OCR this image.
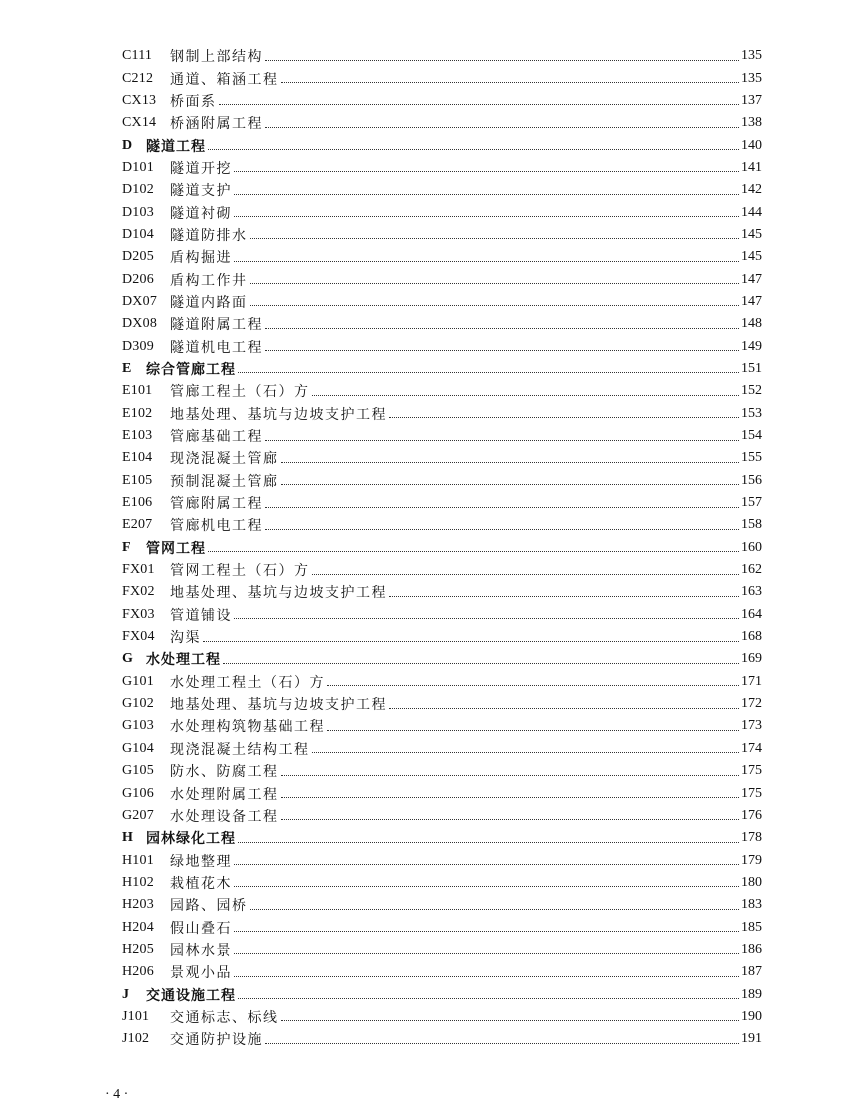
C111	钢制上部结构	135
C212	通道、箱涵工程	135
CX13 桥面系	137
CX14 桥涵附属工程	138
D 隧道工程	140
D101	隧道开挖	141
D102	隧道支护	142
D103	隧道衬砌	144
D104	隧道防排水	145
D205	盾构掘进	145
D206	盾构工作井	147
DX07 隧道内路面	147
DX08 隧道附属工程	148
D309	隧道机电工程	149
E	综合管廊工程	151
E101	管廊工程土（石）方	152
E102	地基处理、基坑与边坡支护工程	153
E103	管廊基础工程	154
E104	现浇混凝土管廊	155
E105	预制混凝土管廊	156
E106	管廊附属工程	157
E207	管廊机电工程	158
F	管网工程	160
FX01	管网工程土（石）方	162
FX02	地基处理、基坑与边坡支护工程	163
FX03	管道铺设	164
FX04	沟渠	168
G 水处理工程	169
G101	水处理工程土（石）方	171
G102	地基处理、基坑与边坡支护工程	172
G103	水处理构筑物基础工程	173
G104	现浇混凝土结构工程	174
G105	防水、防腐工程	175
G106	水处理附属工程	175
G207	水处理设备工程	176
H 园林绿化工程	178
H101	绿地整理	179
H102	栽植花木	180
H203	园路、园桥	183
H204	假山叠石	185
H205	园林水景	186
H206	景观小品	187
J	交通设施工程	189
J101	交通标志、标线	190
J102	交通防护设施	191
· 4 ·
